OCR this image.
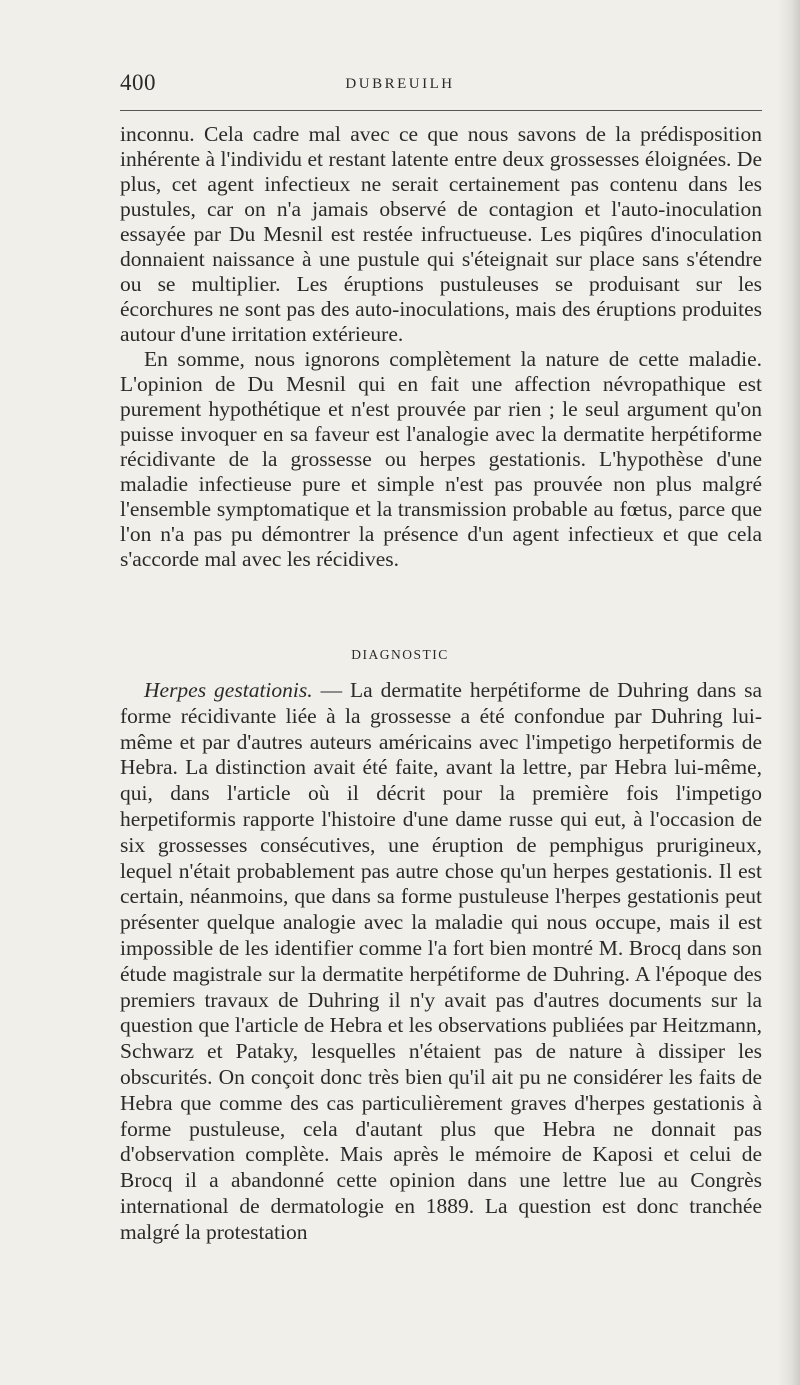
400	DUBREUILH

inconnu. Cela cadre mal avec ce que nous savons de la prédisposition inhérente à l'individu et restant latente entre deux grossesses éloignées. De plus, cet agent infectieux ne serait certainement pas contenu dans les pustules, car on n'a jamais observé de contagion et l'auto-inoculation essayée par Du Mesnil est restée infructueuse. Les piqûres d'inoculation donnaient naissance à une pustule qui s'éteignait sur place sans s'étendre ou se multiplier. Les éruptions pustuleuses se produisant sur les écorchures ne sont pas des auto-inoculations, mais des éruptions produites autour d'une irritation extérieure.

En somme, nous ignorons complètement la nature de cette maladie. L'opinion de Du Mesnil qui en fait une affection névropathique est purement hypothétique et n'est prouvée par rien ; le seul argument qu'on puisse invoquer en sa faveur est l'analogie avec la dermatite herpétiforme récidivante de la grossesse ou herpes gestationis. L'hypothèse d'une maladie infectieuse pure et simple n'est pas prouvée non plus malgré l'ensemble symptomatique et la transmission probable au fœtus, parce que l'on n'a pas pu démontrer la présence d'un agent infectieux et que cela s'accorde mal avec les récidives.

DIAGNOSTIC

Herpes gestationis. — La dermatite herpétiforme de Duhring dans sa forme récidivante liée à la grossesse a été confondue par Duhring lui-même et par d'autres auteurs américains avec l'impetigo herpetiformis de Hebra. La distinction avait été faite, avant la lettre, par Hebra lui-même, qui, dans l'article où il décrit pour la première fois l'impetigo herpetiformis rapporte l'histoire d'une dame russe qui eut, à l'occasion de six grossesses consécutives, une éruption de pemphigus prurigineux, lequel n'était probablement pas autre chose qu'un herpes gestationis. Il est certain, néanmoins, que dans sa forme pustuleuse l'herpes gestationis peut présenter quelque analogie avec la maladie qui nous occupe, mais il est impossible de les identifier comme l'a fort bien montré M. Brocq dans son étude magistrale sur la dermatite herpétiforme de Duhring. A l'époque des premiers travaux de Duhring il n'y avait pas d'autres documents sur la question que l'article de Hebra et les observations publiées par Heitzmann, Schwarz et Pataky, lesquelles n'étaient pas de nature à dissiper les obscurités. On conçoit donc très bien qu'il ait pu ne considérer les faits de Hebra que comme des cas particulièrement graves d'herpes gestationis à forme pustuleuse, cela d'autant plus que Hebra ne donnait pas d'observation complète. Mais après le mémoire de Kaposi et celui de Brocq il a abandonné cette opinion dans une lettre lue au Congrès international de dermatologie en 1889. La question est donc tranchée malgré la protestation
